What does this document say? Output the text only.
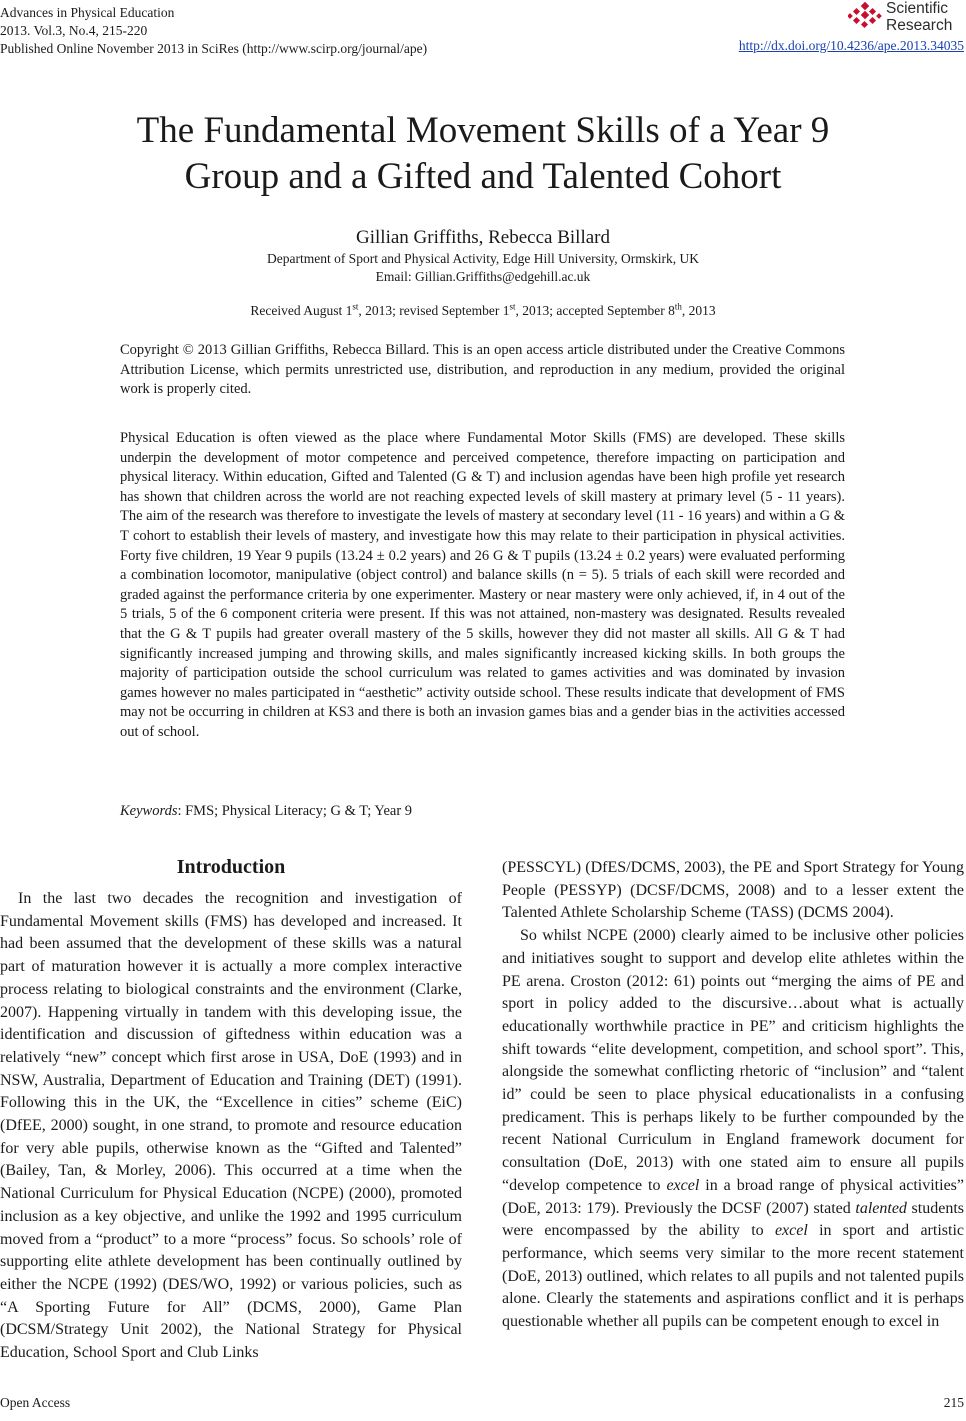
Advances in Physical Education
2013. Vol.3, No.4, 215-220
Published Online November 2013 in SciRes (http://www.scirp.org/journal/ape)
Scientific
Research
http://dx.doi.org/10.4236/ape.2013.34035
The Fundamental Movement Skills of a Year 9
Group and a Gifted and Talented Cohort
Gillian Griffiths, Rebecca Billard
Department of Sport and Physical Activity, Edge Hill University, Ormskirk, UK
Email: Gillian.Griffiths@edgehill.ac.uk
Received August 1st, 2013; revised September 1st, 2013; accepted September 8th, 2013
Copyright © 2013 Gillian Griffiths, Rebecca Billard. This is an open access article distributed under the Creative Commons Attribution License, which permits unrestricted use, distribution, and reproduction in any medium, provided the original work is properly cited.
Physical Education is often viewed as the place where Fundamental Motor Skills (FMS) are developed. These skills underpin the development of motor competence and perceived competence, therefore impacting on participation and physical literacy. Within education, Gifted and Talented (G & T) and inclusion agendas have been high profile yet research has shown that children across the world are not reaching expected levels of skill mastery at primary level (5 - 11 years). The aim of the research was therefore to investigate the levels of mastery at secondary level (11 - 16 years) and within a G & T cohort to establish their levels of mastery, and investigate how this may relate to their participation in physical activities. Forty five children, 19 Year 9 pupils (13.24 ± 0.2 years) and 26 G & T pupils (13.24 ± 0.2 years) were evaluated performing a combination locomotor, manipulative (object control) and balance skills (n = 5). 5 trials of each skill were recorded and graded against the performance criteria by one experimenter. Mastery or near mastery were only achieved, if, in 4 out of the 5 trials, 5 of the 6 component criteria were present. If this was not attained, non-mastery was designated. Results revealed that the G & T pupils had greater overall mastery of the 5 skills, however they did not master all skills. All G & T had significantly increased jumping and throwing skills, and males significantly increased kicking skills. In both groups the majority of participation outside the school curriculum was related to games activities and was dominated by invasion games however no males participated in “aesthetic” activity outside school. These results indicate that development of FMS may not be occurring in children at KS3 and there is both an invasion games bias and a gender bias in the activities accessed out of school.
Keywords: FMS; Physical Literacy; G & T; Year 9
Introduction

In the last two decades the recognition and investigation of Fundamental Movement skills (FMS) has developed and increased. It had been assumed that the development of these skills was a natural part of maturation however it is actually a more complex interactive process relating to biological constraints and the environment (Clarke, 2007). Happening virtually in tandem with this developing issue, the identification and discussion of giftedness within education was a relatively “new” concept which first arose in USA, DoE (1993) and in NSW, Australia, Department of Education and Training (DET) (1991). Following this in the UK, the “Excellence in cities” scheme (EiC) (DfEE, 2000) sought, in one strand, to promote and resource education for very able pupils, otherwise known as the “Gifted and Talented” (Bailey, Tan, & Morley, 2006). This occurred at a time when the National Curriculum for Physical Education (NCPE) (2000), promoted inclusion as a key objective, and unlike the 1992 and 1995 curriculum moved from a “product” to a more “process” focus. So schools’ role of supporting elite athlete development has been continually outlined by either the NCPE (1992) (DES/WO, 1992) or various policies, such as “A Sporting Future for All” (DCMS, 2000), Game Plan (DCSM/Strategy Unit 2002), the National Strategy for Physical Education, School Sport and Club Links

(PESSCYL) (DfES/DCMS, 2003), the PE and Sport Strategy for Young People (PESSYP) (DCSF/DCMS, 2008) and to a lesser extent the Talented Athlete Scholarship Scheme (TASS) (DCMS 2004).

So whilst NCPE (2000) clearly aimed to be inclusive other policies and initiatives sought to support and develop elite athletes within the PE arena. Croston (2012: 61) points out “merging the aims of PE and sport in policy added to the discursive…about what is actually educationally worthwhile practice in PE” and criticism highlights the shift towards “elite development, competition, and school sport”. This, alongside the somewhat conflicting rhetoric of “inclusion” and “talent id” could be seen to place physical educationalists in a confusing predicament. This is perhaps likely to be further compounded by the recent National Curriculum in England framework document for consultation (DoE, 2013) with one stated aim to ensure all pupils “develop competence to excel in a broad range of physical activities” (DoE, 2013: 179). Previously the DCSF (2007) stated talented students were encompassed by the ability to excel in sport and artistic performance, which seems very similar to the more recent statement (DoE, 2013) outlined, which relates to all pupils and not talented pupils alone. Clearly the statements and aspirations conflict and it is perhaps questionable whether all pupils can be competent enough to excel in

Open Access	215
